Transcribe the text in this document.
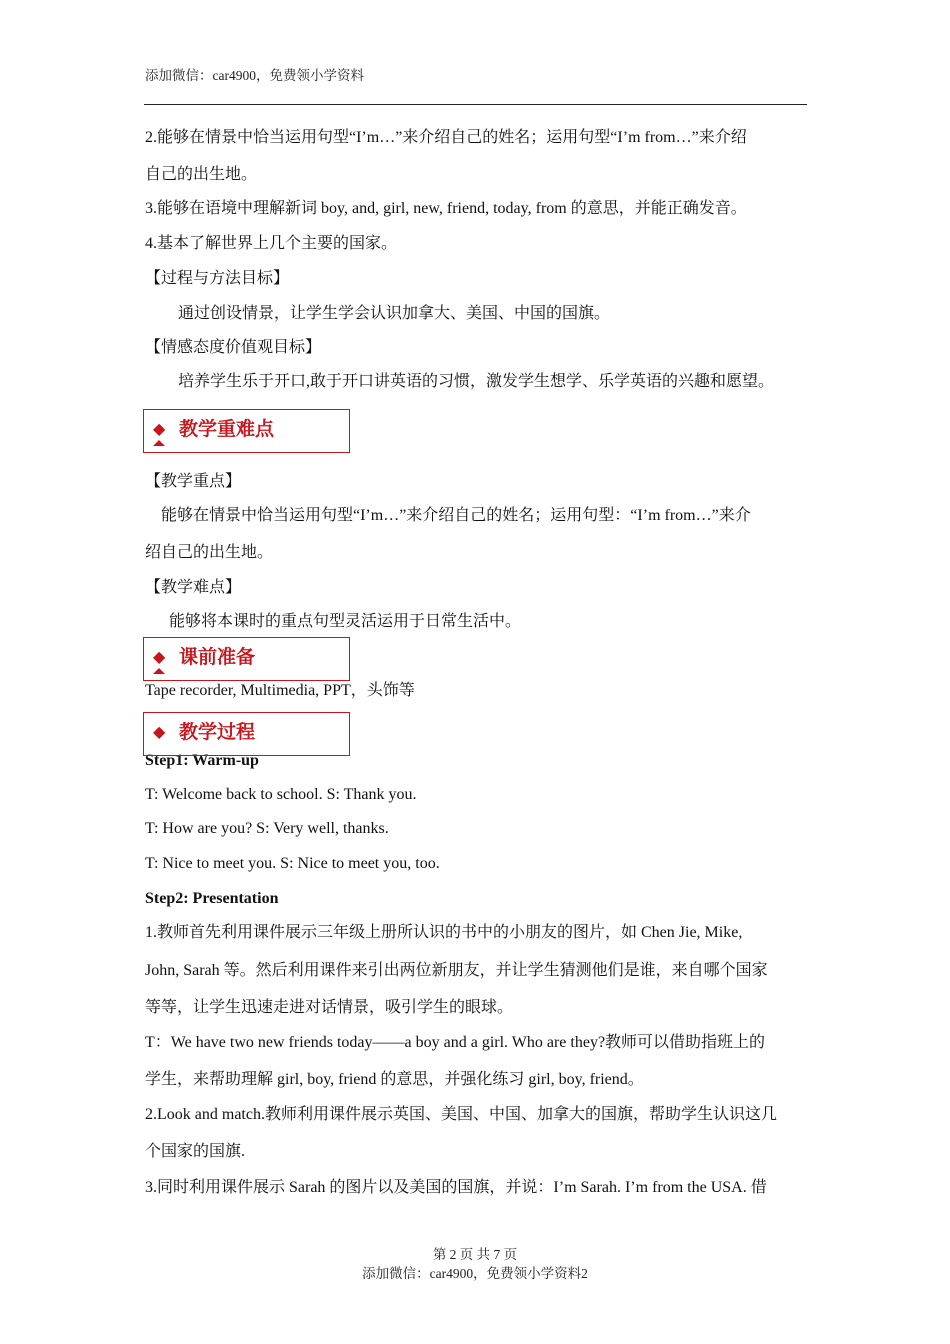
添加微信：car4900，免费领小学资料
2.能够在情景中恰当运用句型“I’m…”来介绍自己的姓名；运用句型“I’m from…”来介绍
自己的出生地。
3.能够在语境中理解新词 boy, and, girl, new, friend, today, from 的意思，并能正确发音。
4.基本了解世界上几个主要的国家。
【过程与方法目标】
通过创设情景，让学生学会认识加拿大、美国、中国的国旗。
【情感态度价值观目标】
培养学生乐于开口,敢于开口讲英语的习惯，激发学生想学、乐学英语的兴趣和愿望。
◆ 教学重难点
【教学重点】
能够在情景中恰当运用句型“I’m…”来介绍自己的姓名；运用句型：“I’m from…”来介
绍自己的出生地。
【教学难点】
能够将本课时的重点句型灵活运用于日常生活中。
◆ 课前准备
Tape recorder, Multimedia, PPT，头饰等
Step1: Warm-up
◆ 教学过程
T: Welcome back to school. S: Thank you.
T: How are you? S: Very well, thanks.
T: Nice to meet you. S: Nice to meet you, too.
Step2: Presentation
1.教师首先利用课件展示三年级上册所认识的书中的小朋友的图片，如 Chen Jie, Mike,
John, Sarah 等。然后利用课件来引出两位新朋友，并让学生猜测他们是谁，来自哪个国家
等等，让学生迅速走进对话情景，吸引学生的眼球。
T：We have two new friends today——a boy and a girl. Who are they?教师可以借助指班上的
学生，来帮助理解 girl, boy, friend 的意思，并强化练习 girl, boy, friend。
2.Look and match.教师利用课件展示英国、美国、中国、加拿大的国旗，帮助学生认识这几
个国家的国旗.
3.同时利用课件展示 Sarah 的图片以及美国的国旗，并说：I’m Sarah. I’m from the USA. 借
第 2 页 共 7 页
添加微信：car4900，免费领小学资料2
